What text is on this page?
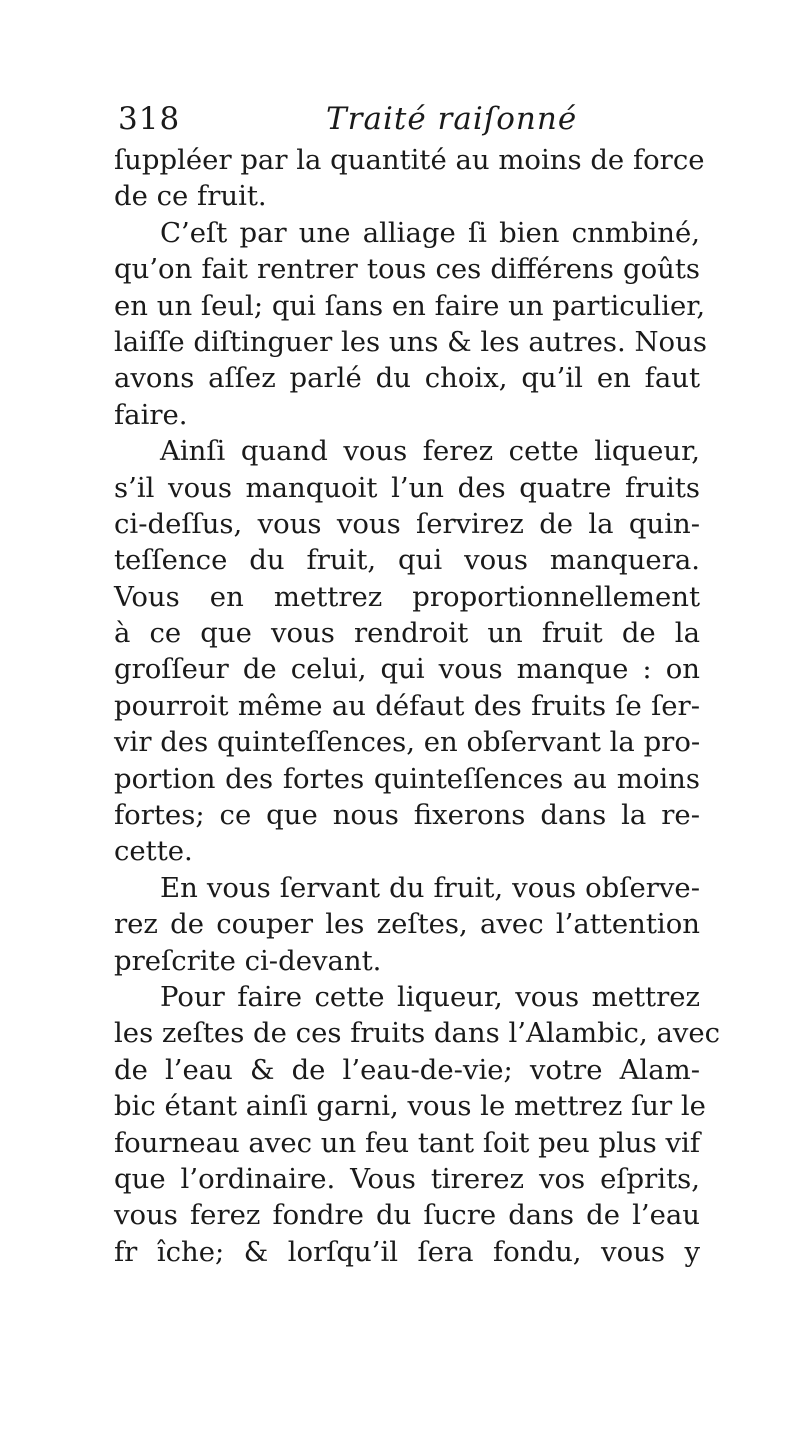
318	Traité raiſonné
ſuppléer par la quantité au moins de force
de ce fruit.
C’eſt par une alliage ſi bien cnmbiné,
qu’on fait rentrer tous ces différens goûts
en un ſeul; qui ſans en faire un particulier,
laiſſe diſtinguer les uns & les autres. Nous
avons aſſez parlé du choix, qu’il en faut
faire.
Ainſi quand vous ferez cette liqueur,
s’il vous manquoit l’un des quatre fruits
ci-deſſus, vous vous ſervirez de la quin-
teſſence du fruit, qui vous manquera.
Vous en mettrez proportionnellement
à ce que vous rendroit un fruit de la
groſſeur de celui, qui vous manque : on
pourroit même au défaut des fruits ſe ſer-
vir des quinteſſences, en obſervant la pro-
portion des fortes quinteſſences au moins
fortes; ce que nous fixerons dans la re-
cette.
En vous ſervant du fruit, vous obſerve-
rez de couper les zeſtes, avec l’attention
preſcrite ci-devant.
Pour faire cette liqueur, vous mettrez
les zeſtes de ces fruits dans l’Alambic, avec
de l’eau & de l’eau-de-vie; votre Alam-
bic étant ainſi garni, vous le mettrez ſur le
fourneau avec un feu tant ſoit peu plus vif
que l’ordinaire. Vous tirerez vos eſprits,
vous ferez fondre du ſucre dans de l’eau
fr îche; & lorſqu’il ſera fondu, vous y
